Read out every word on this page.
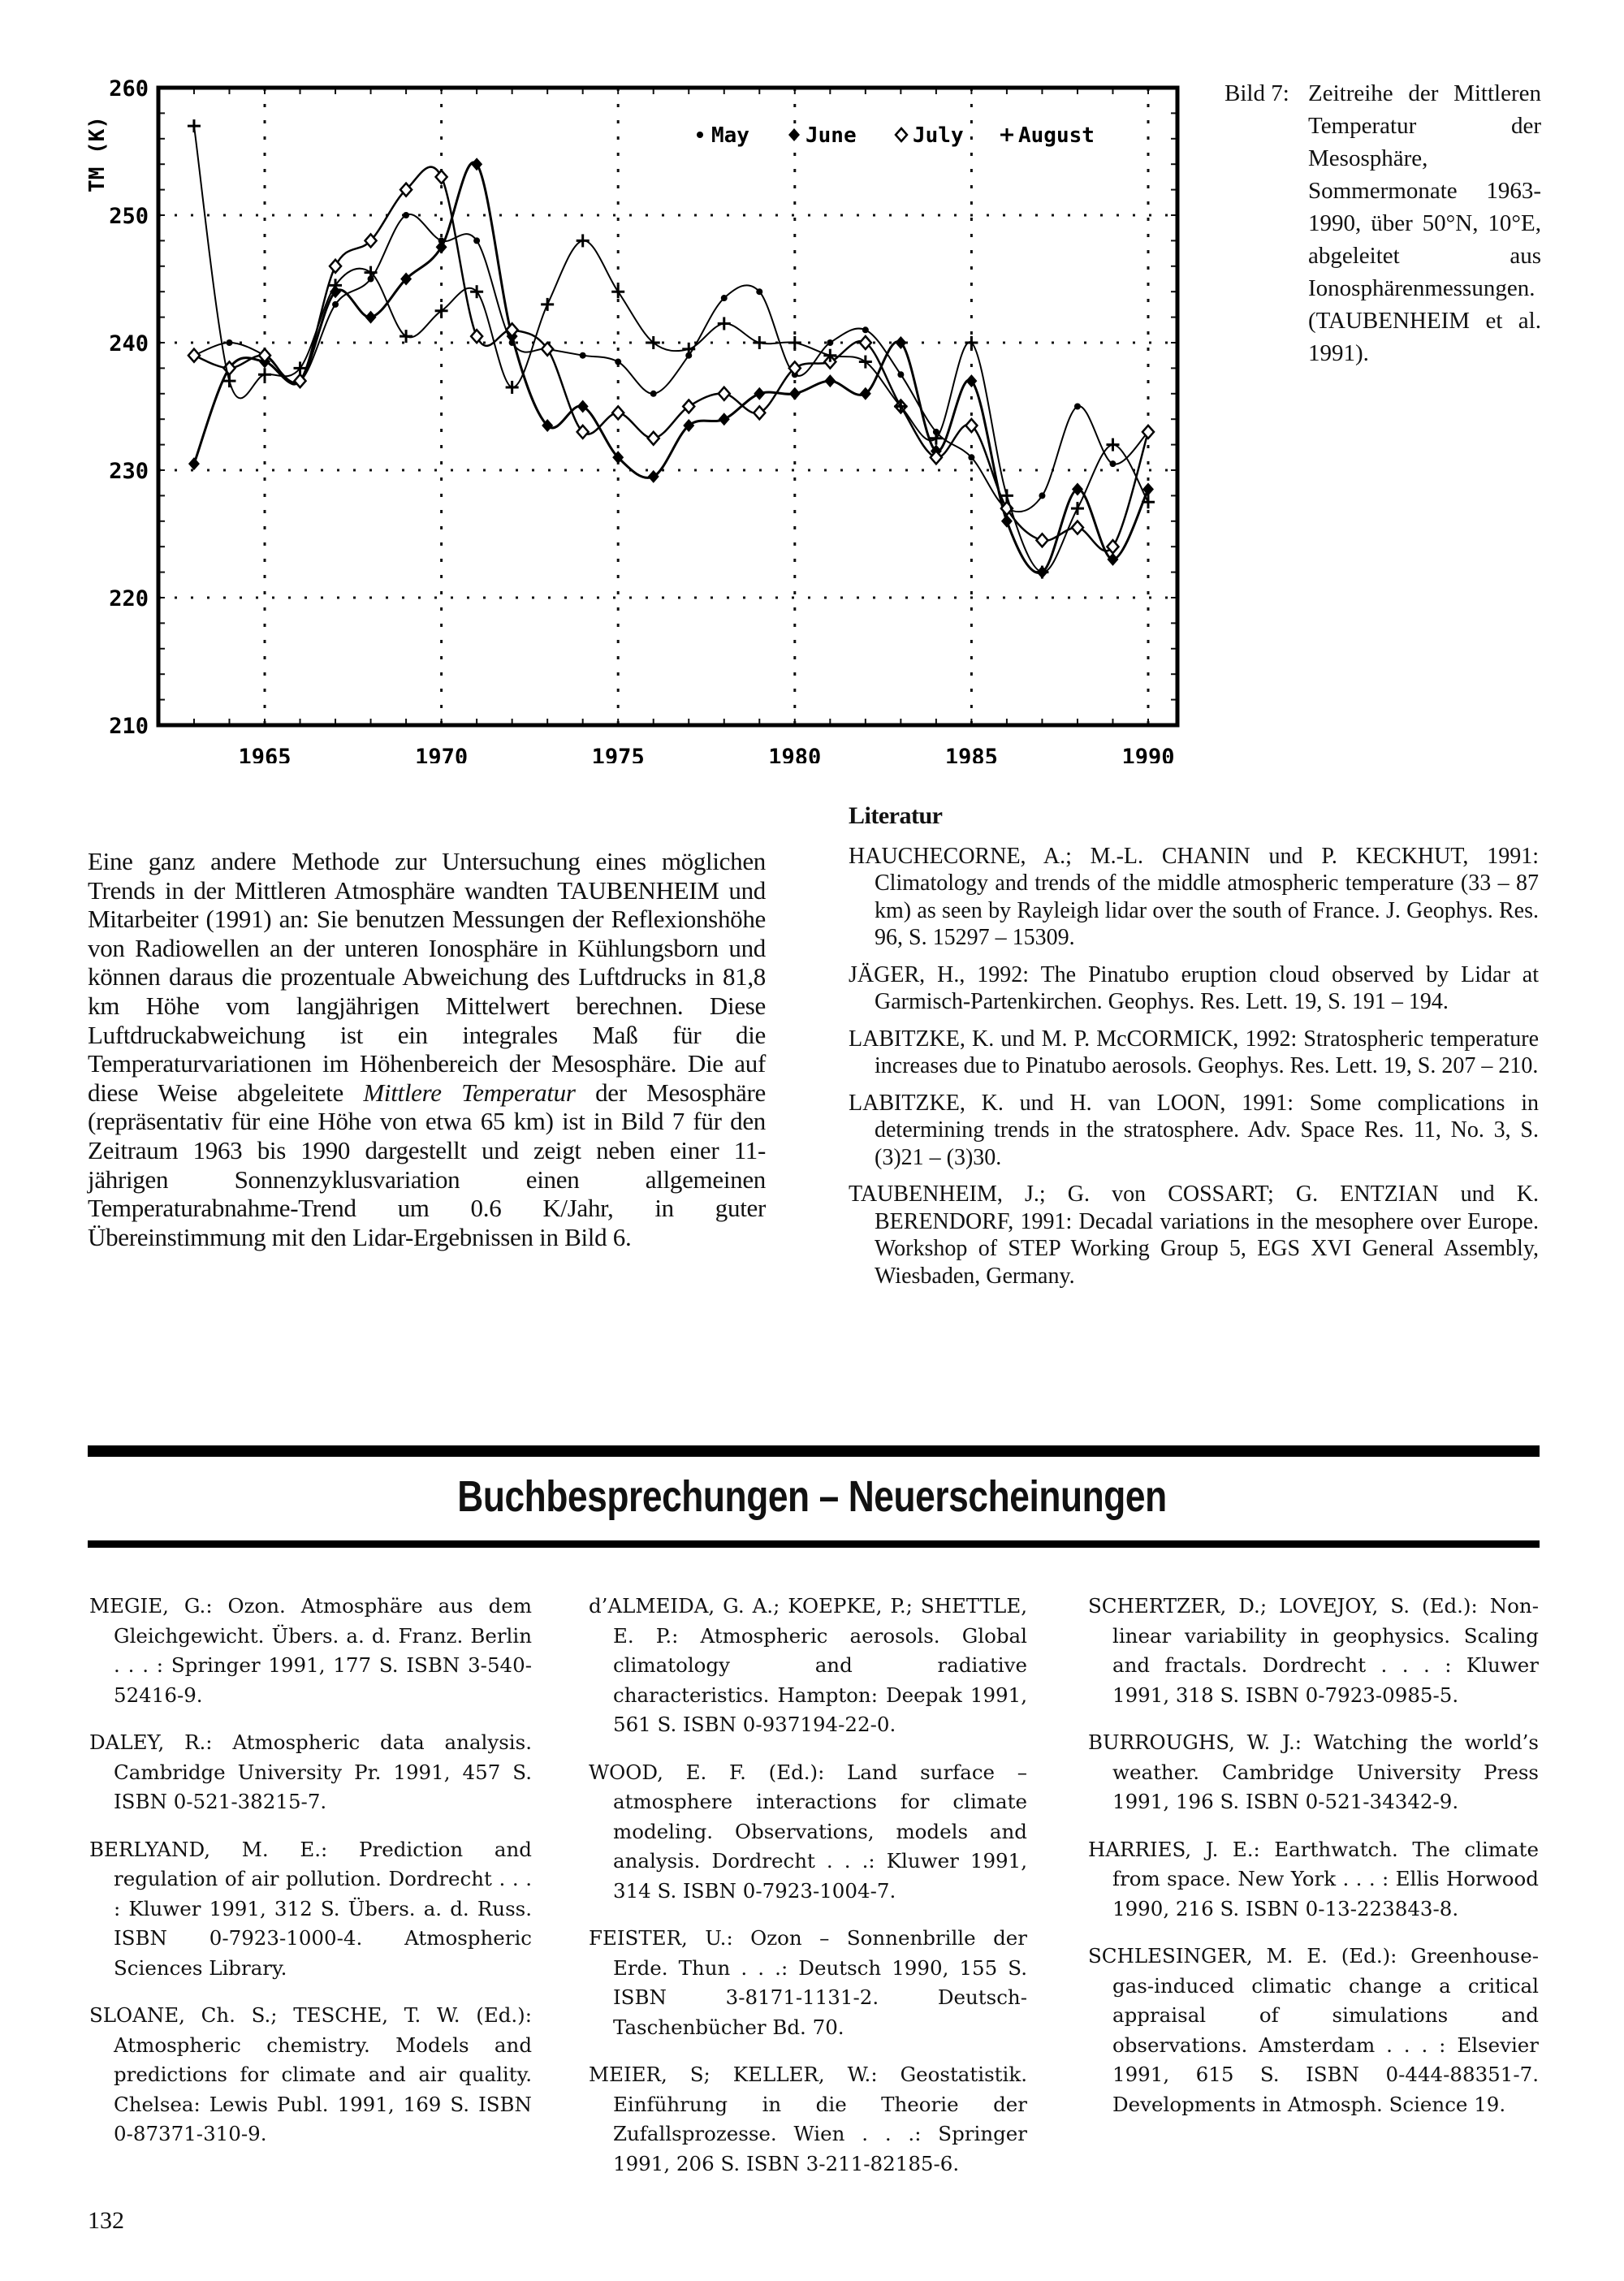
260
250
240
230
220
210
1965	1970	1975	1980	1985	1990
TM (K)	May	June	July	August
Bild 7: Zeitreihe der Mittleren Temperatur der Mesosphäre, Sommermonate 1963-1990, über 50°N, 10°E, abgeleitet aus Ionosphärenmessungen. (TAUBENHEIM et al. 1991).
Eine ganz andere Methode zur Untersuchung eines möglichen Trends in der Mittleren Atmosphäre wandten TAUBENHEIM und Mitarbeiter (1991) an: Sie benutzen Messungen der Reflexionshöhe von Radiowellen an der unteren Ionosphäre in Kühlungsborn und können daraus die prozentuale Abweichung des Luftdrucks in 81,8 km Höhe vom langjährigen Mittelwert berechnen. Diese Luftdruckabweichung ist ein integrales Maß für die Temperaturvariationen im Höhenbereich der Mesosphäre. Die auf diese Weise abgeleitete Mittlere Temperatur der Mesosphäre (repräsentativ für eine Höhe von etwa 65 km) ist in Bild 7 für den Zeitraum 1963 bis 1990 dargestellt und zeigt neben einer 11-jährigen Sonnenzyklusvariation einen allgemeinen Temperaturabnahme-Trend um 0.6 K/Jahr, in guter Übereinstimmung mit den Lidar-Ergebnissen in Bild 6.
Literatur

HAUCHECORNE, A.; M.-L. CHANIN und P. KECKHUT, 1991: Climatology and trends of the middle atmospheric temperature (33 – 87 km) as seen by Rayleigh lidar over the south of France. J. Geophys. Res. 96, S. 15297 – 15309.

JÄGER, H., 1992: The Pinatubo eruption cloud observed by Lidar at Garmisch-Partenkirchen. Geophys. Res. Lett. 19, S. 191 – 194.

LABITZKE, K. und M. P. McCORMICK, 1992: Stratospheric temperature increases due to Pinatubo aerosols. Geophys. Res. Lett. 19, S. 207 – 210.

LABITZKE, K. und H. van LOON, 1991: Some complications in determining trends in the stratosphere. Adv. Space Res. 11, No. 3, S. (3)21 – (3)30.

TAUBENHEIM, J.; G. von COSSART; G. ENTZIAN und K. BERENDORF, 1991: Decadal variations in the mesophere over Europe. Workshop of STEP Working Group 5, EGS XVI General Assembly, Wiesbaden, Germany.

Buchbesprechungen – Neuerscheinungen

MEGIE, G.: Ozon. Atmosphäre aus dem Gleichgewicht. Übers. a. d. Franz. Berlin . . . : Springer 1991, 177 S. ISBN 3-540-52416-9.

DALEY, R.: Atmospheric data analysis. Cambridge University Pr. 1991, 457 S. ISBN 0-521-38215-7.

BERLYAND, M. E.: Prediction and regulation of air pollution. Dordrecht . . . : Kluwer 1991, 312 S. Übers. a. d. Russ. ISBN 0-7923-1000-4. Atmospheric Sciences Library.

SLOANE, Ch. S.; TESCHE, T. W. (Ed.): Atmospheric chemistry. Models and predictions for climate and air quality. Chelsea: Lewis Publ. 1991, 169 S. ISBN 0-87371-310-9.

d’ALMEIDA, G. A.; KOEPKE, P.; SHETTLE, E. P.: Atmospheric aerosols. Global climatology and radiative characteristics. Hampton: Deepak 1991, 561 S. ISBN 0-937194-22-0.

WOOD, E. F. (Ed.): Land surface – atmosphere interactions for climate modeling. Observations, models and analysis. Dordrecht . . .: Kluwer 1991, 314 S. ISBN 0-7923-1004-7.

FEISTER, U.: Ozon – Sonnenbrille der Erde. Thun . . .: Deutsch 1990, 155 S. ISBN 3-8171-1131-2. Deutsch-Taschenbücher Bd. 70.

MEIER, S; KELLER, W.: Geostatistik. Einführung in die Theorie der Zufallsprozesse. Wien . . .: Springer 1991, 206 S. ISBN 3-211-82185-6.

SCHERTZER, D.; LOVEJOY, S. (Ed.): Non-linear variability in geophysics. Scaling and fractals. Dordrecht . . . : Kluwer 1991, 318 S. ISBN 0-7923-0985-5.

BURROUGHS, W. J.: Watching the world’s weather. Cambridge University Press 1991, 196 S. ISBN 0-521-34342-9.

HARRIES, J. E.: Earthwatch. The climate from space. New York . . . : Ellis Horwood 1990, 216 S. ISBN 0-13-223843-8.

SCHLESINGER, M. E. (Ed.): Greenhouse-gas-induced climatic change a critical appraisal of simulations and observations. Amsterdam . . . : Elsevier 1991, 615 S. ISBN 0-444-88351-7. Developments in Atmosph. Science 19.

132
